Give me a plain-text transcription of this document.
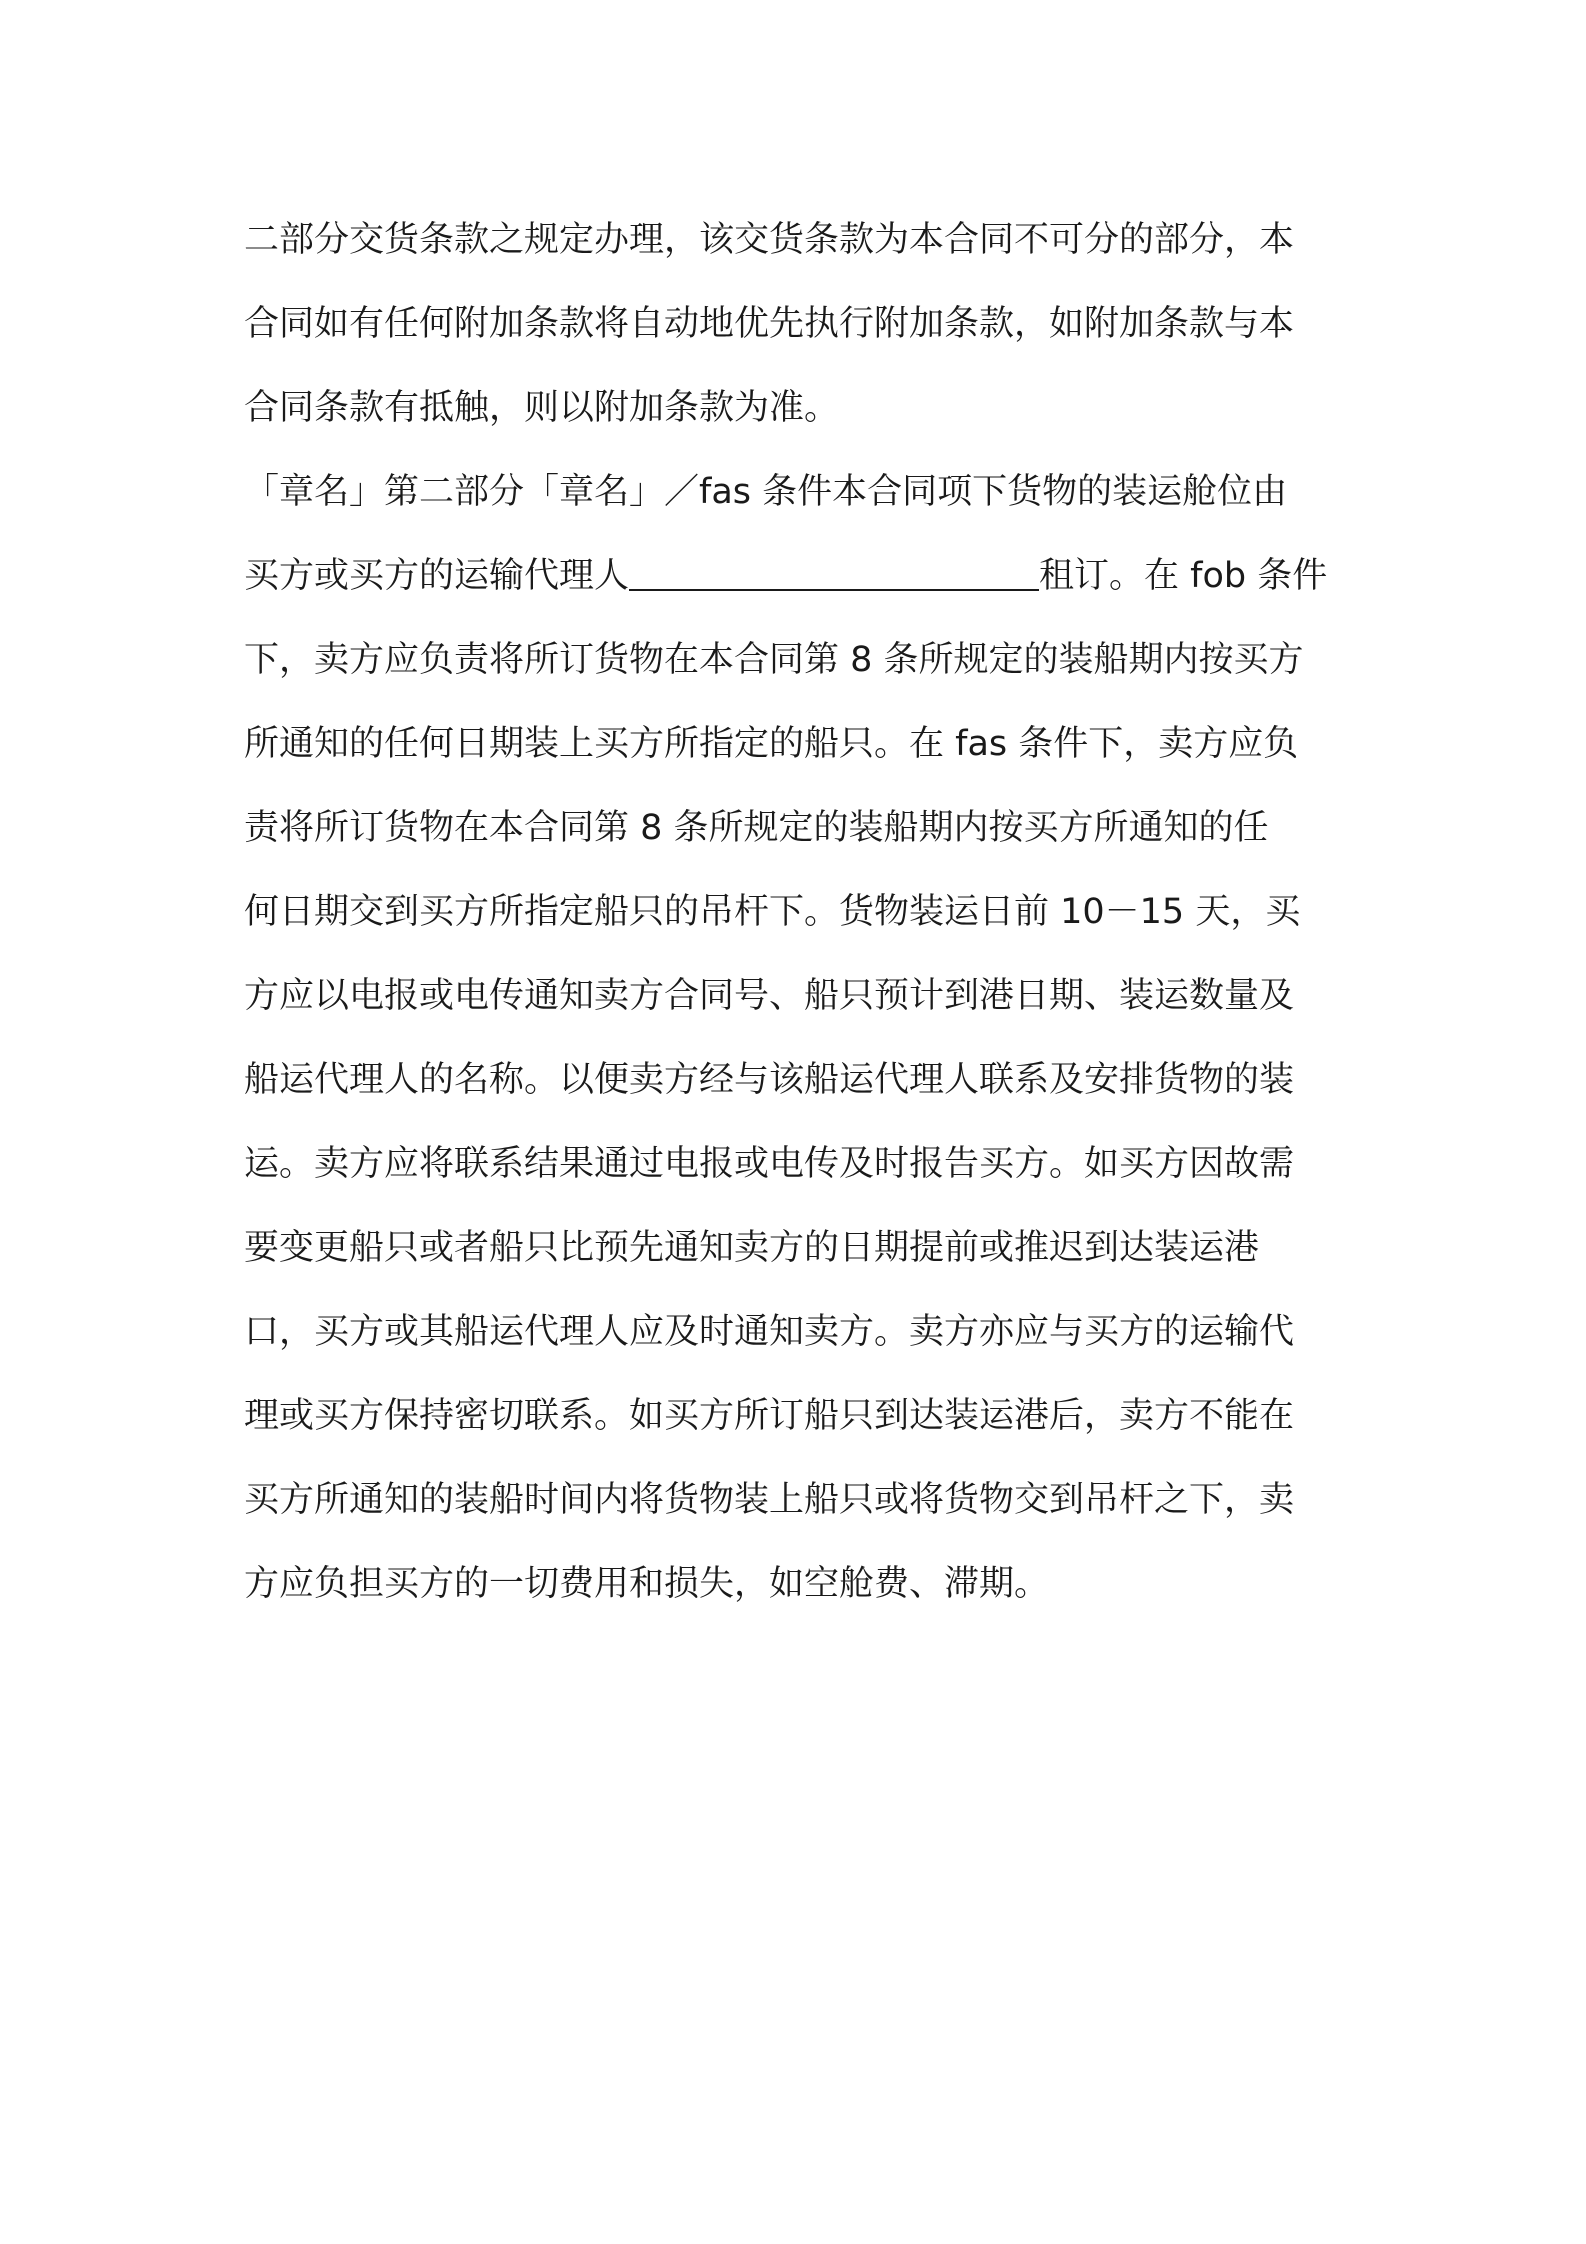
二部分交货条款之规定办理，该交货条款为本合同不可分的部分，本
合同如有任何附加条款将自动地优先执行附加条款，如附加条款与本
合同条款有抵触，则以附加条款为准。
「章名」第二部分「章名」／fas 条件本合同项下货物的装运舱位由
买方或买方的运输代理人	租订。在 fob 条件
下，卖方应负责将所订货物在本合同第 8 条所规定的装船期内按买方
所通知的任何日期装上买方所指定的船只。在 fas 条件下，卖方应负
责将所订货物在本合同第 8 条所规定的装船期内按买方所通知的任
何日期交到买方所指定船只的吊杆下。货物装运日前 10－15 天，买
方应以电报或电传通知卖方合同号、船只预计到港日期、装运数量及
船运代理人的名称。以便卖方经与该船运代理人联系及安排货物的装
运。卖方应将联系结果通过电报或电传及时报告买方。如买方因故需
要变更船只或者船只比预先通知卖方的日期提前或推迟到达装运港
口，买方或其船运代理人应及时通知卖方。卖方亦应与买方的运输代
理或买方保持密切联系。如买方所订船只到达装运港后，卖方不能在
买方所通知的装船时间内将货物装上船只或将货物交到吊杆之下，卖
方应负担买方的一切费用和损失，如空舱费、滞期。
